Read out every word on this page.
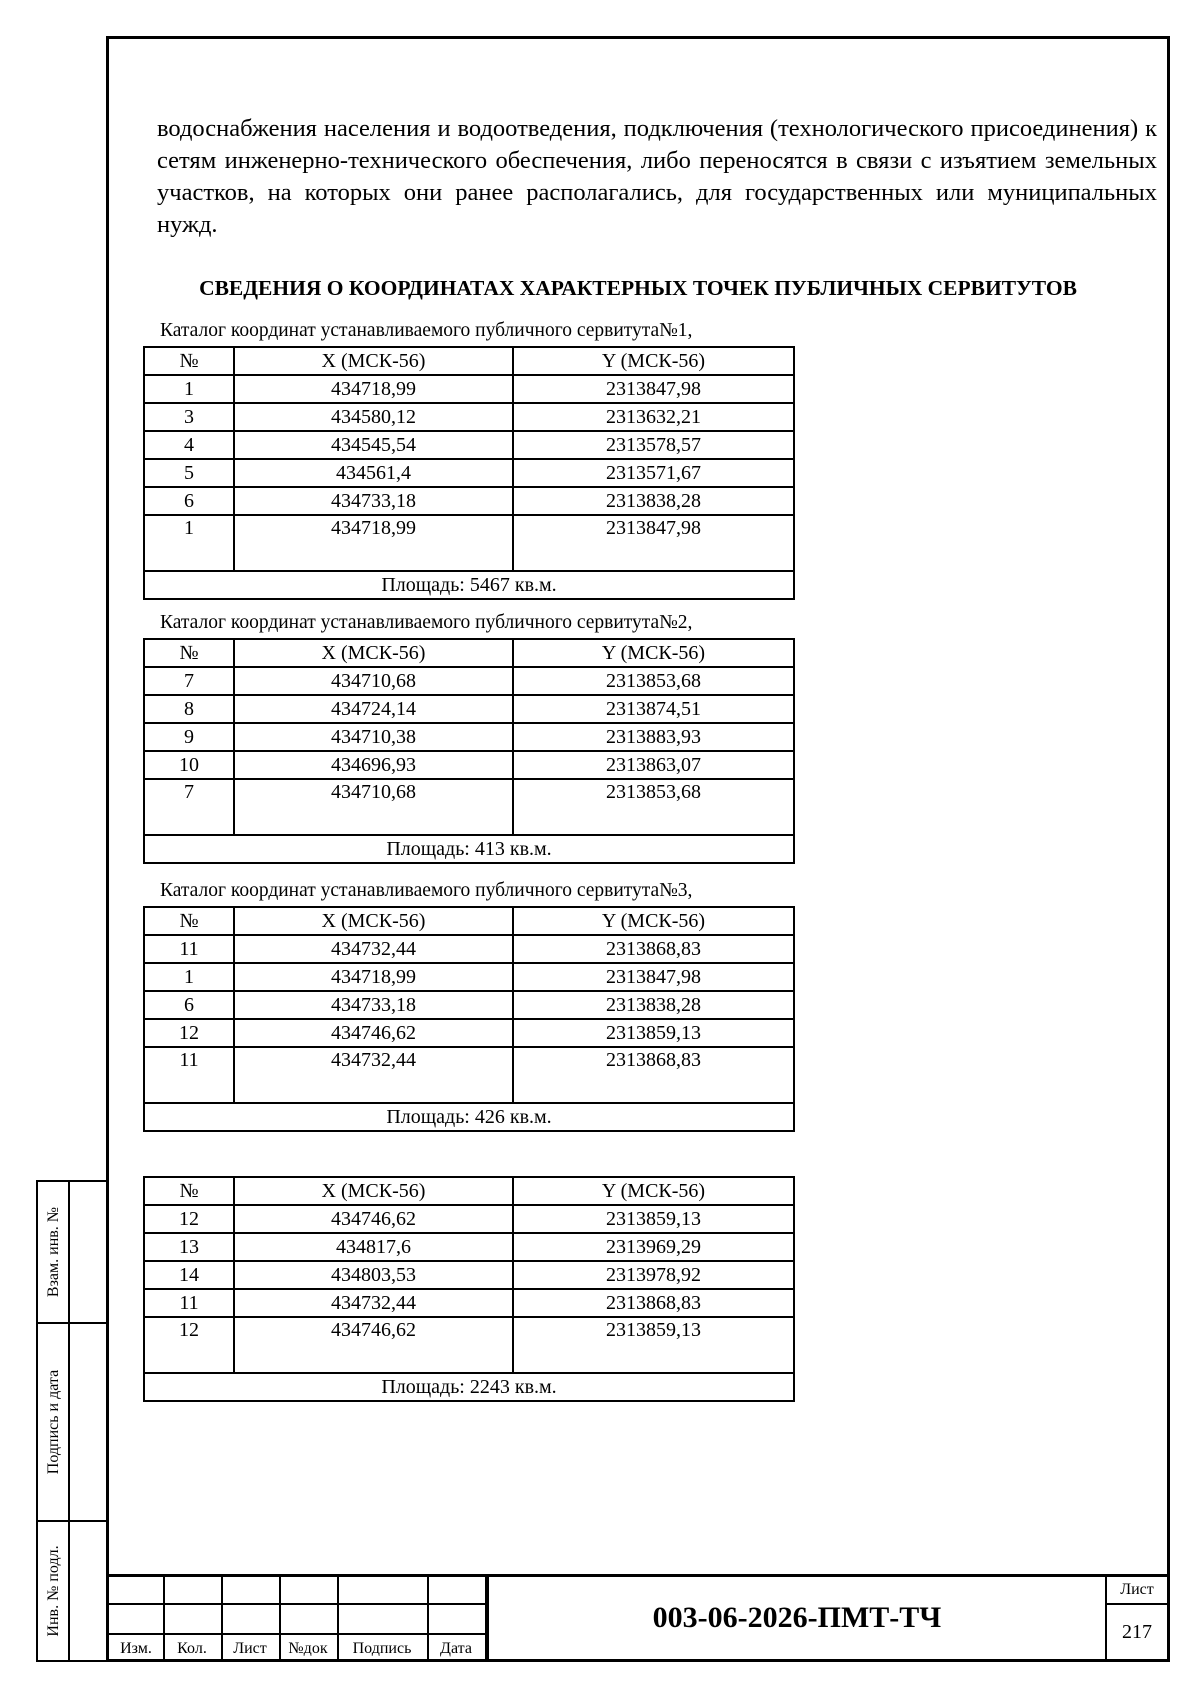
водоснабжения населения и водоотведения, подключения (технологического присоединения) к сетям инженерно-технического обеспечения, либо переносятся в связи с изъятием земельных участков, на которых они ранее располагались, для государственных или муниципальных нужд.

СВЕДЕНИЯ О КООРДИНАТАХ ХАРАКТЕРНЫХ ТОЧЕК ПУБЛИЧНЫХ СЕРВИТУТОВ

Каталог координат устанавливаемого публичного сервитута№1,

№	X (МСК-56)	Y (МСК-56)
1	434718,99	2313847,98
3	434580,12	2313632,21
4	434545,54	2313578,57
5	434561,4	2313571,67
6	434733,18	2313838,28
1	434718,99	2313847,98
Площадь: 5467 кв.м.		

Каталог координат устанавливаемого публичного сервитута№2,

№	X (МСК-56)	Y (МСК-56)
7	434710,68	2313853,68
8	434724,14	2313874,51
9	434710,38	2313883,93
10	434696,93	2313863,07
7	434710,68	2313853,68
Площадь: 413 кв.м.		

Каталог координат устанавливаемого публичного сервитута№3,

№	X (МСК-56)	Y (МСК-56)
11	434732,44	2313868,83
1	434718,99	2313847,98
6	434733,18	2313838,28
12	434746,62	2313859,13
11	434732,44	2313868,83
Площадь: 426 кв.м.		
№	X (МСК-56)	Y (МСК-56)
12	434746,62	2313859,13
13	434817,6	2313969,29
14	434803,53	2313978,92
11	434732,44	2313868,83
12	434746,62	2313859,13
Площадь: 2243 кв.м.		
Взам. инв. №
Подпись и дата
Инв. № подл.
Изм.	Кол.	Лист	№док	Подпись	Дата
003-06-2026-ПМТ-ТЧ
Лист
217
